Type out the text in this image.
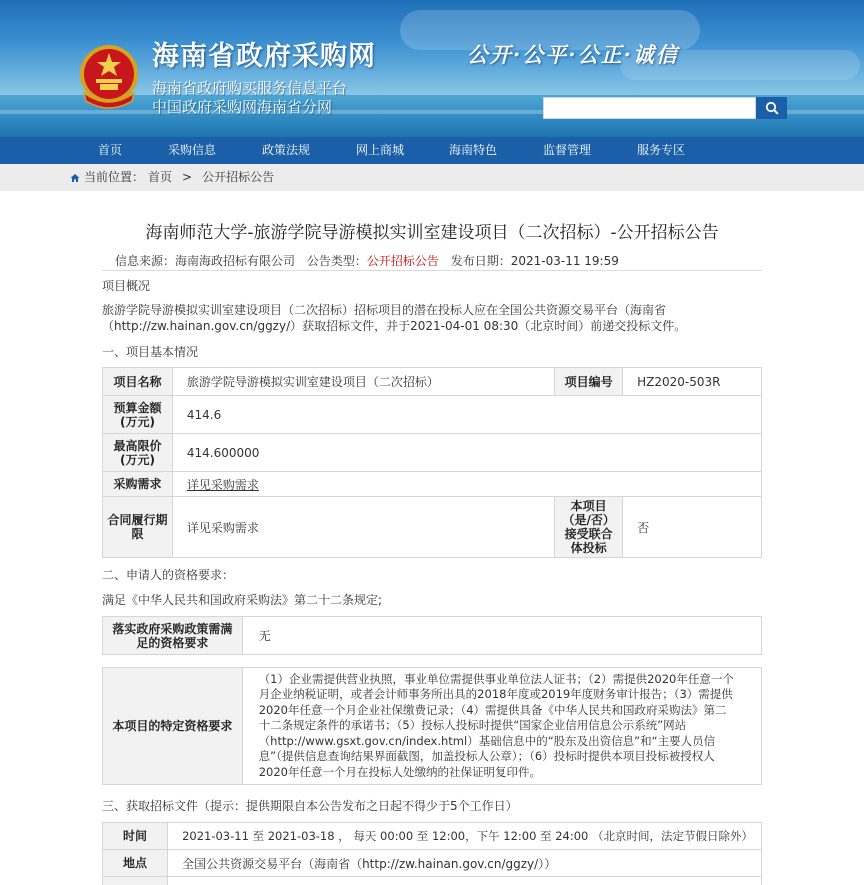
海南省政府采购网
海南省政府购买服务信息平台
中国政府采购网海南省分网
公开·公平·公正·诚信
首页	采购信息	政策法规	网上商城	海南特色	监督管理	服务专区
当前位置： 首页 > 公开招标公告
海南师范大学-旅游学院导游模拟实训室建设项目（二次招标）-公开招标公告
信息来源：海南海政招标有限公司 公告类型：公开招标公告 发布日期：2021-03-11 19:59
项目概况
旅游学院导游模拟实训室建设项目（二次招标）招标项目的潜在投标人应在全国公共资源交易平台（海南省
（http://zw.hainan.gov.cn/ggzy/）获取招标文件，并于2021-04-01 08:30（北京时间）前递交投标文件。
一、项目基本情况
项目名称	旅游学院导游模拟实训室建设项目（二次招标）	项目编号	HZ2020-503R
预算金额(万元)	414.6		
最高限价(万元)	414.600000		
采购需求	详见采购需求		
合同履行期限	详见采购需求	本项目（是/否）接受联合体投标	否
二、申请人的资格要求：
满足《中华人民共和国政府采购法》第二十二条规定;
落实政府采购政策需满足的资格要求	无
本项目的特定资格要求	
（1）企业需提供营业执照，事业单位需提供事业单位法人证书；（2）需提供2020年任意一个
月企业纳税证明，或者会计师事务所出具的2018年度或2019年度财务审计报告；（3）需提供
2020年任意一个月企业社保缴费记录；（4）需提供具备《中华人民共和国政府采购法》第二
十二条规定条件的承诺书；（5）投标人投标时提供“国家企业信用信息公示系统”网站
（http://www.gsxt.gov.cn/index.html）基础信息中的“股东及出资信息”和“主要人员信
息”（提供信息查询结果界面截图，加盖投标人公章）；（6）投标时提供本项目投标被授权人
2020年任意一个月在投标人处缴纳的社保证明复印件。
三、获取招标文件（提示：提供期限自本公告发布之日起不得少于5个工作日）
时间	2021-03-11 至 2021-03-18 ， 每天 00:00 至 12:00，下午 12:00 至 24:00 （北京时间，法定节假日除外）
地点	全国公共资源交易平台（海南省（http://zw.hainan.gov.cn/ggzy/））
